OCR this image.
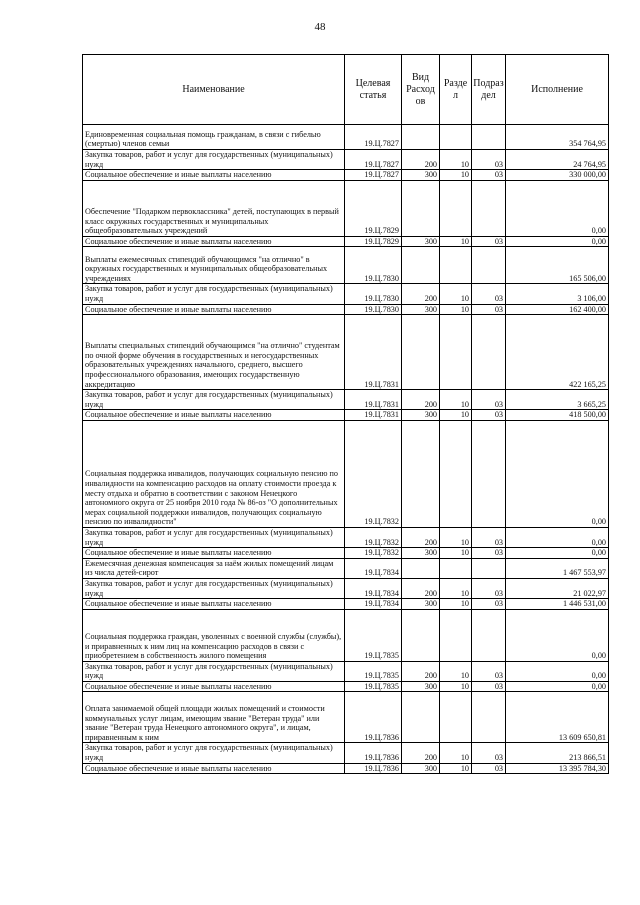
48
Наименование	Целевая статья	Вид Расход ов	Разде л	Подраз дел	Исполнение
Единовременная социальная помощь гражданам, в связи с гибелью (смертью) членов семьи	19.Ц.7827				354 764,95
Закупка товаров, работ и услуг для государственных (муниципальных) нужд	19.Ц.7827	200	10	03	24 764,95
Социальное обеспечение и иные выплаты населению	19.Ц.7827	300	10	03	330 000,00
Обеспечение "Подарком первоклассника" детей, поступающих в первый класс окружных государственных и муниципальных общеобразовательных учреждений	19.Ц.7829				0,00
Социальное обеспечение и иные выплаты населению	19.Ц.7829	300	10	03	0,00
Выплаты ежемесячных стипендий обучающимся "на отлично" в окружных государственных и муниципальных общеобразовательных учреждениях	19.Ц.7830				165 506,00
Закупка товаров, работ и услуг для государственных (муниципальных) нужд	19.Ц.7830	200	10	03	3 106,00
Социальное обеспечение и иные выплаты населению	19.Ц.7830	300	10	03	162 400,00
Выплаты специальных стипендий обучающимся "на отлично" студентам по очной форме обучения в государственных и негосударственных образовательных учреждениях начального, среднего, высшего профессионального образования, имеющих государственную аккредитацию	19.Ц.7831				422 165,25
Закупка товаров, работ и услуг для государственных (муниципальных) нужд	19.Ц.7831	200	10	03	3 665,25
Социальное обеспечение и иные выплаты населению	19.Ц.7831	300	10	03	418 500,00
Социальная поддержка инвалидов, получающих социальную пенсию по инвалидности на компенсацию расходов на оплату стоимости проезда к месту отдыха и обратно в соответствии с законом Ненецкого автономного округа от 25 ноября 2010 года № 86-оз "О дополнительных мерах социальной поддержки инвалидов, получающих социальную пенсию по инвалидности"	19.Ц.7832				0,00
Закупка товаров, работ и услуг для государственных (муниципальных) нужд	19.Ц.7832	200	10	03	0,00
Социальное обеспечение и иные выплаты населению	19.Ц.7832	300	10	03	0,00
Ежемесячная денежная компенсация за наём жилых помещений лицам из числа детей-сирот	19.Ц.7834				1 467 553,97
Закупка товаров, работ и услуг для государственных (муниципальных) нужд	19.Ц.7834	200	10	03	21 022,97
Социальное обеспечение и иные выплаты населению	19.Ц.7834	300	10	03	1 446 531,00
Социальная поддержка граждан, уволенных с военной службы (службы), и приравненных к ним лиц на компенсацию расходов в связи с приобретением в собственность жилого помещения	19.Ц.7835				0,00
Закупка товаров, работ и услуг для государственных (муниципальных) нужд	19.Ц.7835	200	10	03	0,00
Социальное обеспечение и иные выплаты населению	19.Ц.7835	300	10	03	0,00
Оплата занимаемой общей площади жилых помещений и стоимости коммунальных услуг лицам, имеющим звание "Ветеран труда" или звание "Ветеран труда Ненецкого автономного округа", и лицам, приравненным к ним	19.Ц.7836				13 609 650,81
Закупка товаров, работ и услуг для государственных (муниципальных) нужд	19.Ц.7836	200	10	03	213 866,51
Социальное обеспечение и иные выплаты населению	19.Ц.7836	300	10	03	13 395 784,30
